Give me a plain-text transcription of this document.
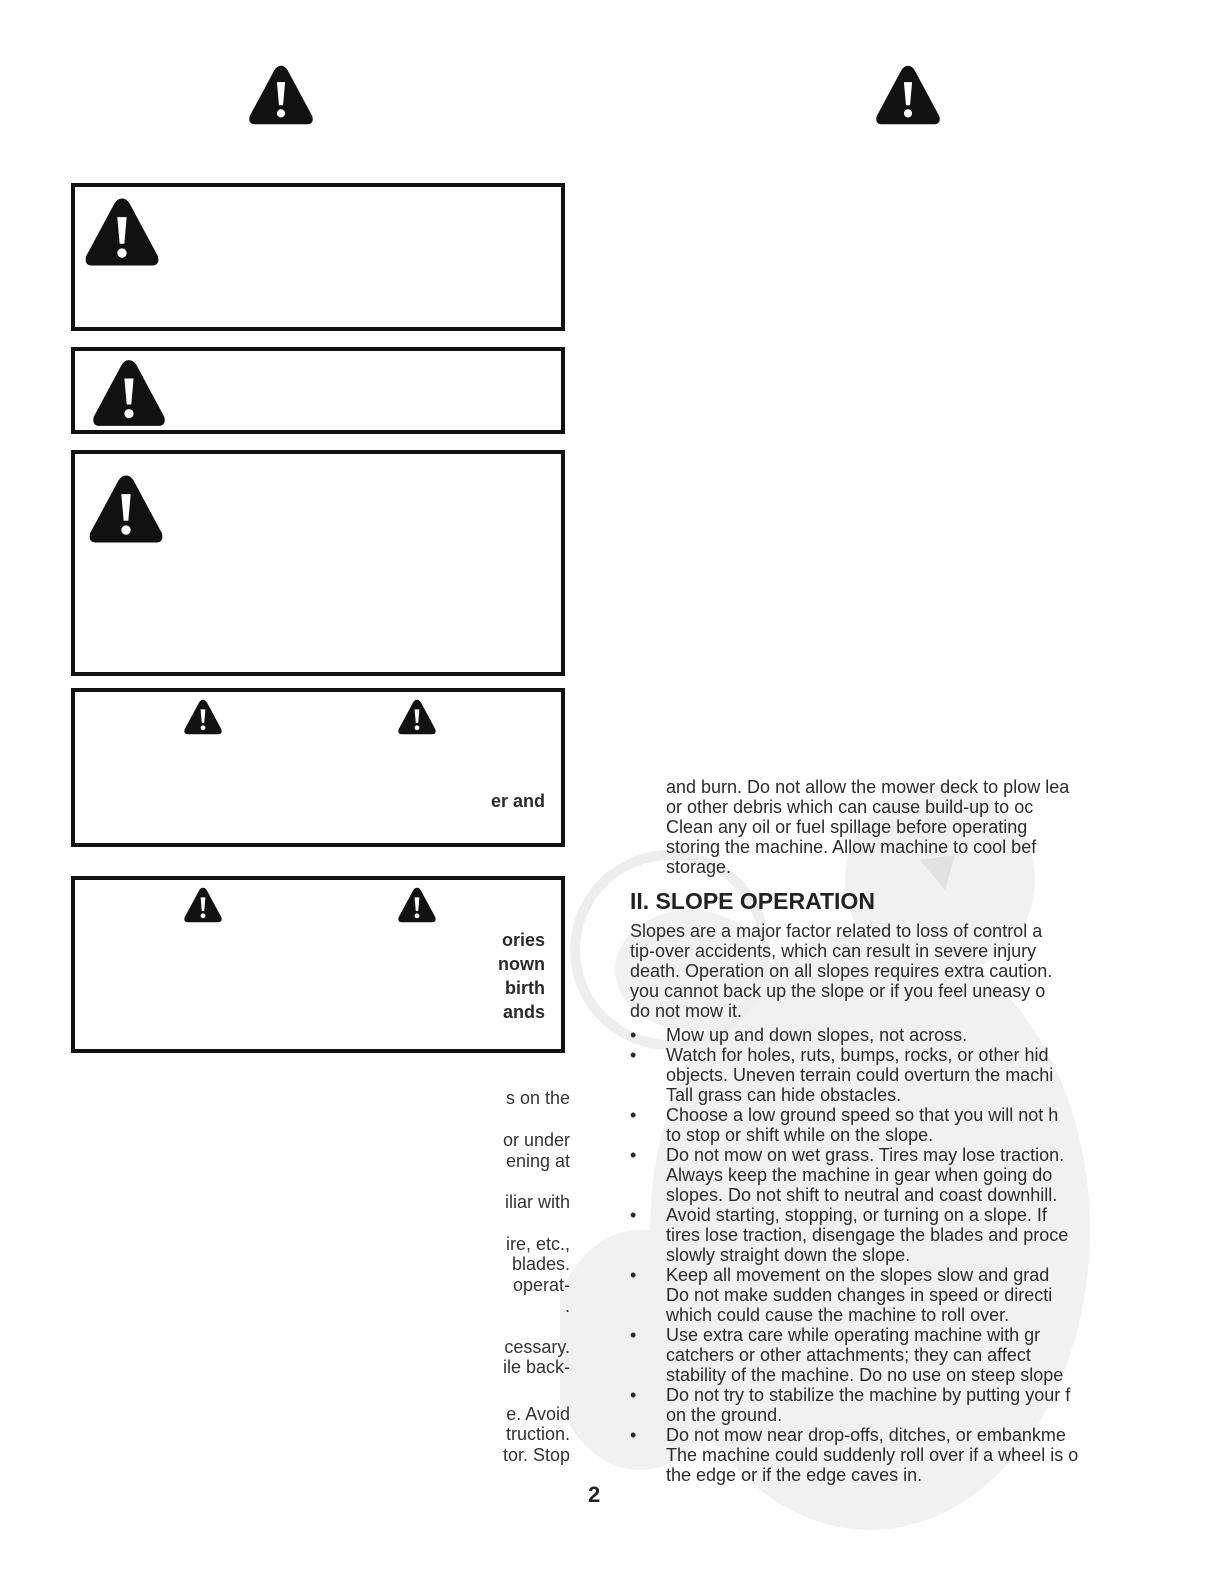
er and
ories
nown
birth
ands
s on the
or under
ening at
iliar with
ire, etc.,
blades.
operat-
.
cessary.
ile back-
e. Avoid
truction.
tor. Stop
and burn. Do not allow the mower deck to plow lea
or other debris which can cause build-up to oc
Clean any oil or fuel spillage before operating
storing the machine. Allow machine to cool bef
storage.
II. SLOPE OPERATION
Slopes are a major factor related to loss of control a
tip-over accidents, which can result in severe injury
death. Operation on all slopes requires extra caution.
you cannot back up the slope or if you feel uneasy o
do not mow it.
•	Mow up and down slopes, not across.
•	Watch for holes, ruts, bumps, rocks, or other hid
objects. Uneven terrain could overturn the machi
Tall grass can hide obstacles.
•	Choose a low ground speed so that you will not h
to stop or shift while on the slope.
•	Do not mow on wet grass. Tires may lose traction.
Always keep the machine in gear when going do
slopes. Do not shift to neutral and coast downhill.
•	Avoid starting, stopping, or turning on a slope. If
tires lose traction, disengage the blades and proce
slowly straight down the slope.
•	Keep all movement on the slopes slow and grad
Do not make sudden changes in speed or directi
which could cause the machine to roll over.
•	Use extra care while operating machine with gr
catchers or other attachments; they can affect
stability of the machine. Do no use on steep slope
•	Do not try to stabilize the machine by putting your f
on the ground.
•	Do not mow near drop-offs, ditches, or embankme
The machine could suddenly roll over if a wheel is o
the edge or if the edge caves in.
2
